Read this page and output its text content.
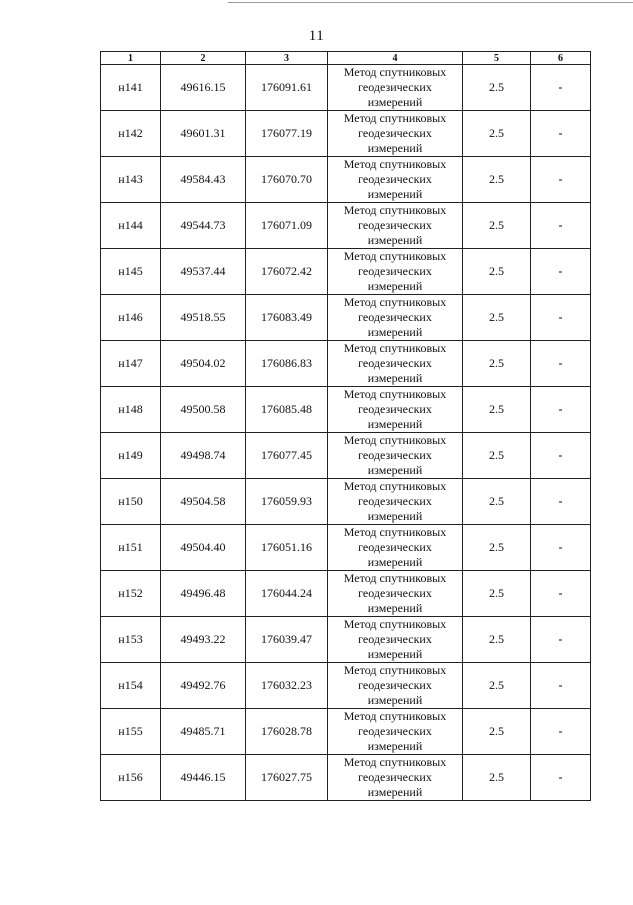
11
1	2	3	4	5	6
н141	49616.15	176091.61	Метод спутниковых
геодезических
измерений	2.5	-
н142	49601.31	176077.19	Метод спутниковых
геодезических
измерений	2.5	-
н143	49584.43	176070.70	Метод спутниковых
геодезических
измерений	2.5	-
н144	49544.73	176071.09	Метод спутниковых
геодезических
измерений	2.5	-
н145	49537.44	176072.42	Метод спутниковых
геодезических
измерений	2.5	-
н146	49518.55	176083.49	Метод спутниковых
геодезических
измерений	2.5	-
н147	49504.02	176086.83	Метод спутниковых
геодезических
измерений	2.5	-
н148	49500.58	176085.48	Метод спутниковых
геодезических
измерений	2.5	-
н149	49498.74	176077.45	Метод спутниковых
геодезических
измерений	2.5	-
н150	49504.58	176059.93	Метод спутниковых
геодезических
измерений	2.5	-
н151	49504.40	176051.16	Метод спутниковых
геодезических
измерений	2.5	-
н152	49496.48	176044.24	Метод спутниковых
геодезических
измерений	2.5	-
н153	49493.22	176039.47	Метод спутниковых
геодезических
измерений	2.5	-
н154	49492.76	176032.23	Метод спутниковых
геодезических
измерений	2.5	-
н155	49485.71	176028.78	Метод спутниковых
геодезических
измерений	2.5	-
н156	49446.15	176027.75	Метод спутниковых
геодезических
измерений	2.5	-
